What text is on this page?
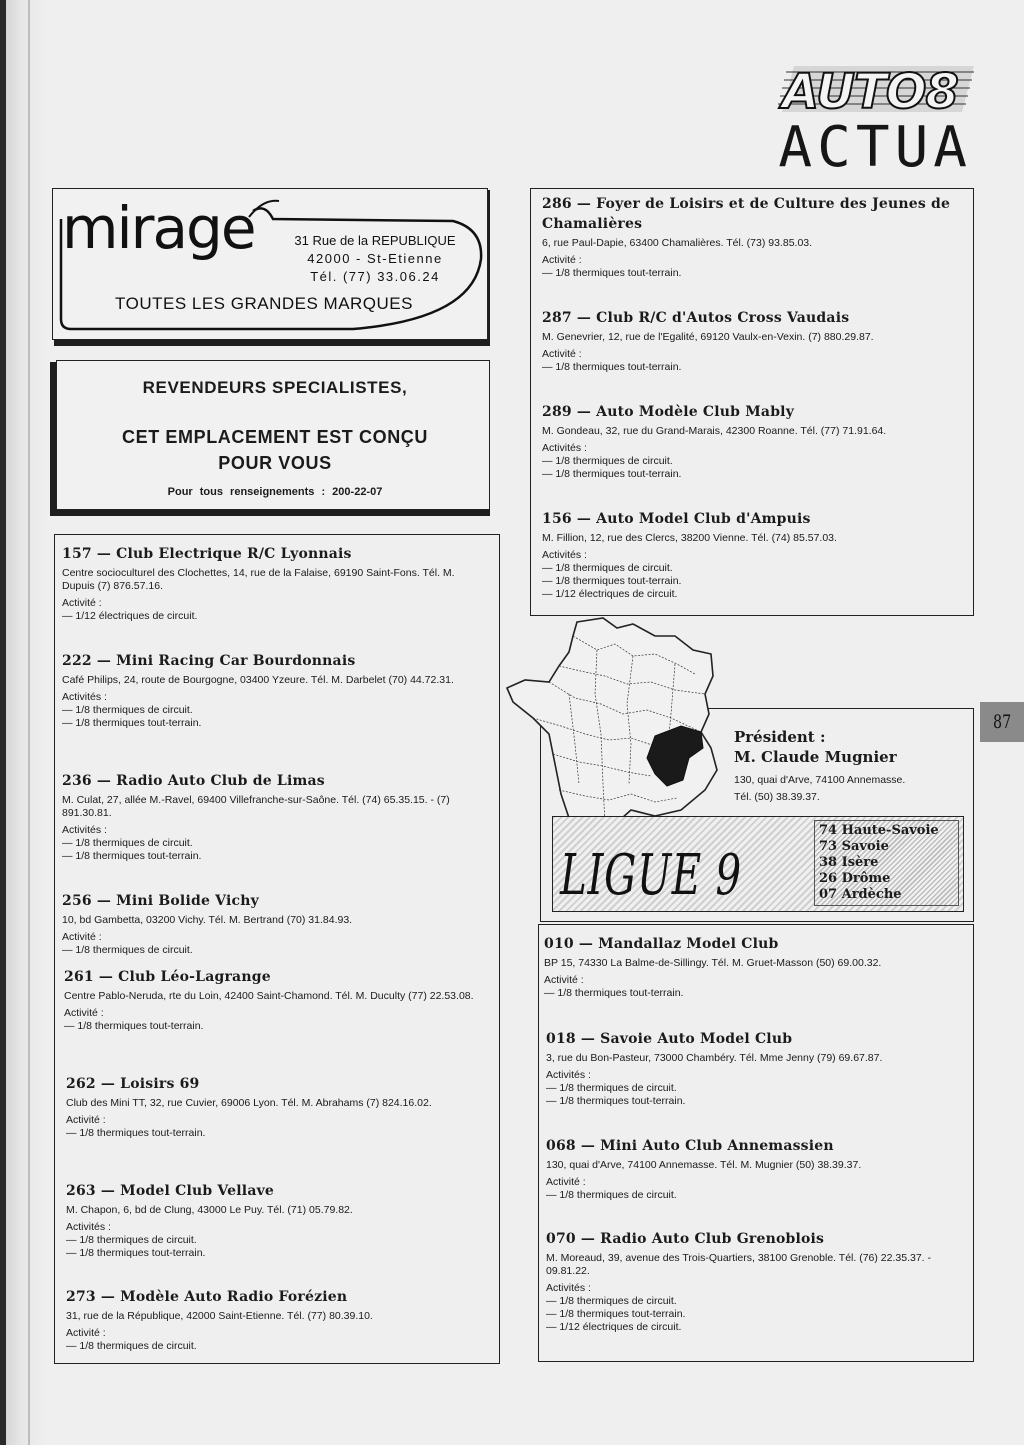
AUTO8
ACTUA
mirage	31 Rue de la REPUBLIQUE
42000 - St-Etienne
Tél. (77) 33.06.24
TOUTES LES GRANDES MARQUES
REVENDEURS SPECIALISTES,
CET EMPLACEMENT EST CONÇU
POUR VOUS
Pour tous renseignements : 200-22-07
157 — Club Electrique R/C Lyonnais
Centre socioculturel des Clochettes, 14, rue de la Falaise, 69190 Saint-Fons. Tél. M. Dupuis (7) 876.57.16.
Activité :
— 1/12 électriques de circuit.
222 — Mini Racing Car Bourdonnais
Café Philips, 24, route de Bourgogne, 03400 Yzeure. Tél. M. Darbelet (70) 44.72.31.
Activités :
— 1/8 thermiques de circuit.
— 1/8 thermiques tout-terrain.
236 — Radio Auto Club de Limas
M. Culat, 27, allée M.-Ravel, 69400 Villefranche-sur-Saône. Tél. (74) 65.35.15. - (7) 891.30.81.
Activités :
— 1/8 thermiques de circuit.
— 1/8 thermiques tout-terrain.
256 — Mini Bolide Vichy
10, bd Gambetta, 03200 Vichy. Tél. M. Bertrand (70) 31.84.93.
Activité :
— 1/8 thermiques de circuit.
261 — Club Léo-Lagrange
Centre Pablo-Neruda, rte du Loin, 42400 Saint-Chamond. Tél. M. Duculty (77) 22.53.08.
Activité :
— 1/8 thermiques tout-terrain.
262 — Loisirs 69
Club des Mini TT, 32, rue Cuvier, 69006 Lyon. Tél. M. Abrahams (7) 824.16.02.
Activité :
— 1/8 thermiques tout-terrain.
263 — Model Club Vellave
M. Chapon, 6, bd de Clung, 43000 Le Puy. Tél. (71) 05.79.82.
Activités :
— 1/8 thermiques de circuit.
— 1/8 thermiques tout-terrain.
273 — Modèle Auto Radio Forézien
31, rue de la République, 42000 Saint-Etienne. Tél. (77) 80.39.10.
Activité :
— 1/8 thermiques de circuit.
286 — Foyer de Loisirs et de Culture des Jeunes de Chamalières
6, rue Paul-Dapie, 63400 Chamalières. Tél. (73) 93.85.03.
Activité :
— 1/8 thermiques tout-terrain.
287 — Club R/C d'Autos Cross Vaudais
M. Genevrier, 12, rue de l'Egalité, 69120 Vaulx-en-Vexin. (7) 880.29.87.
Activité :
— 1/8 thermiques tout-terrain.
289 — Auto Modèle Club Mably
M. Gondeau, 32, rue du Grand-Marais, 42300 Roanne. Tél. (77) 71.91.64.
Activités :
— 1/8 thermiques de circuit.
— 1/8 thermiques tout-terrain.
156 — Auto Model Club d'Ampuis
M. Fillion, 12, rue des Clercs, 38200 Vienne. Tél. (74) 85.57.03.
Activités :
— 1/8 thermiques de circuit.
— 1/8 thermiques tout-terrain.
— 1/12 électriques de circuit.
Président :
M. Claude Mugnier
130, quai d'Arve, 74100 Annemasse.
Tél. (50) 38.39.37.
LIGUE 9
74 Haute-Savoie
73 Savoie
38 Isère
26 Drôme
07 Ardèche
010 — Mandallaz Model Club
BP 15, 74330 La Balme-de-Sillingy. Tél. M. Gruet-Masson (50) 69.00.32.
Activité :
— 1/8 thermiques tout-terrain.
018 — Savoie Auto Model Club
3, rue du Bon-Pasteur, 73000 Chambéry. Tél. Mme Jenny (79) 69.67.87.
Activités :
— 1/8 thermiques de circuit.
— 1/8 thermiques tout-terrain.
068 — Mini Auto Club Annemassien
130, quai d'Arve, 74100 Annemasse. Tél. M. Mugnier (50) 38.39.37.
Activité :
— 1/8 thermiques de circuit.
070 — Radio Auto Club Grenoblois
M. Moreaud, 39, avenue des Trois-Quartiers, 38100 Grenoble. Tél. (76) 22.35.37. - 09.81.22.
Activités :
— 1/8 thermiques de circuit.
— 1/8 thermiques tout-terrain.
— 1/12 électriques de circuit.
87
